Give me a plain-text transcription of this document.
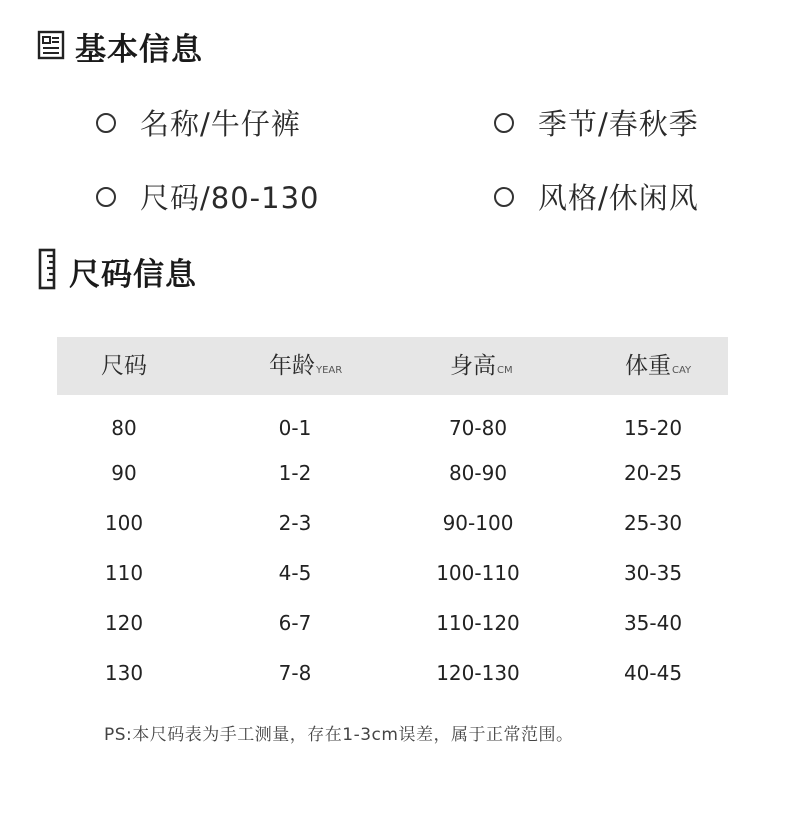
基本信息
名称/牛仔裤	季节/春秋季
尺码/80-130	风格/休闲风
尺码信息
尺码	年龄YEAR	身高CM	体重CAY
80	0-1	70-80	15-20
90	1-2	80-90	20-25
100	2-3	90-100	25-30
110	4-5	100-110	30-35
120	6-7	110-120	35-40
130	7-8	120-130	40-45
PS:本尺码表为手工测量，存在1-3cm误差，属于正常范围。
